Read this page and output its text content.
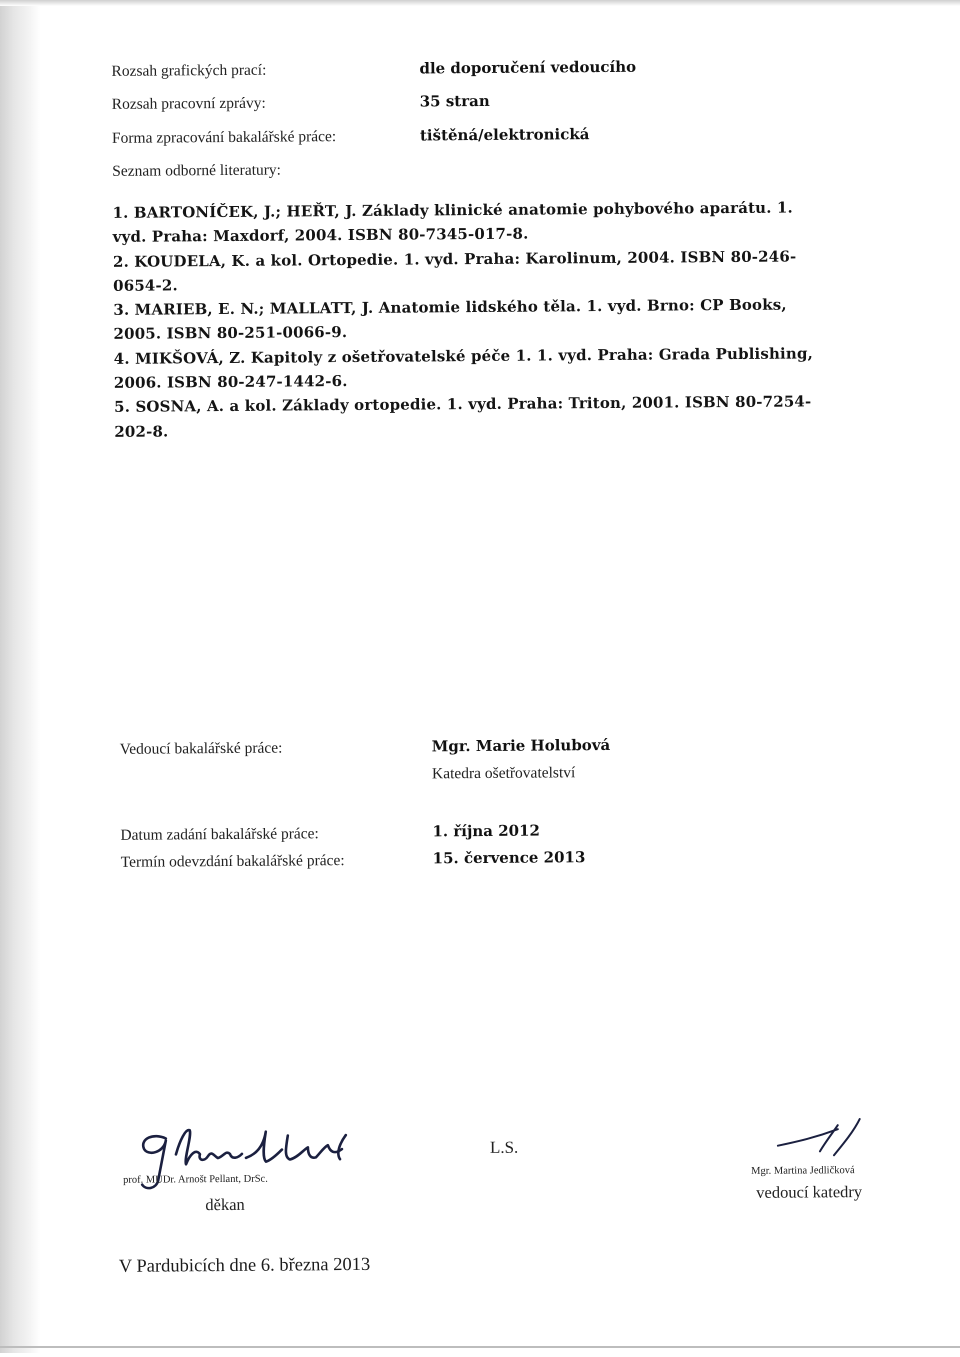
Rozsah grafických prací:	dle doporučení vedoucího
Rozsah pracovní zprávy:	35 stran
Forma zpracování bakalářské práce:	tištěná/elektronická
Seznam odborné literatury:

1. BARTONÍČEK, J.; HEŘT, J. Základy klinické anatomie pohybového aparátu. 1. vyd. Praha: Maxdorf, 2004. ISBN 80-7345-017-8.

2. KOUDELA, K. a kol. Ortopedie. 1. vyd. Praha: Karolinum, 2004. ISBN 80-246-0654-2.

3. MARIEB, E. N.; MALLATT, J. Anatomie lidského těla. 1. vyd. Brno: CP Books, 2005. ISBN 80-251-0066-9.

4. MIKŠOVÁ, Z. Kapitoly z ošetřovatelské péče 1. 1. vyd. Praha: Grada Publishing, 2006. ISBN 80-247-1442-6.

5. SOSNA, A. a kol. Základy ortopedie. 1. vyd. Praha: Triton, 2001. ISBN 80-7254-202-8.

Vedoucí bakalářské práce:	Mgr. Marie Holubová
Katedra ošetřovatelství
Datum zadání bakalářské práce:	1. října 2012
Termín odevzdání bakalářské práce:	15. července 2013
prof. MUDr. Arnošt Pellant, DrSc.
děkan
L.S.
Mgr. Martina Jedličková
vedoucí katedry
V Pardubicích dne 6. března 2013
